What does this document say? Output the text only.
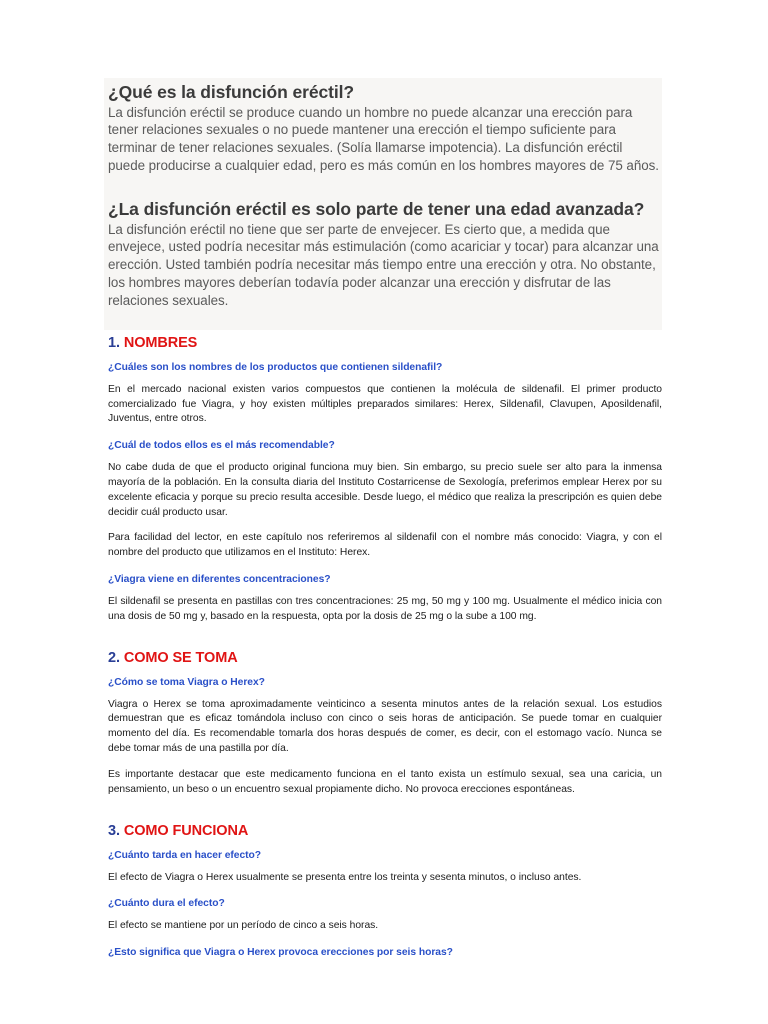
¿Qué es la disfunción eréctil?

La disfunción eréctil se produce cuando un hombre no puede alcanzar una erección para tener relaciones sexuales o no puede mantener una erección el tiempo suficiente para terminar de tener relaciones sexuales. (Solía llamarse impotencia). La disfunción eréctil puede producirse a cualquier edad, pero es más común en los hombres mayores de 75 años.

¿La disfunción eréctil es solo parte de tener una edad avanzada?

La disfunción eréctil no tiene que ser parte de envejecer. Es cierto que, a medida que envejece, usted podría necesitar más estimulación (como acariciar y tocar) para alcanzar una erección. Usted también podría necesitar más tiempo entre una erección y otra. No obstante, los hombres mayores deberían todavía poder alcanzar una erección y disfrutar de las relaciones sexuales.

1. NOMBRES

¿Cuáles son los nombres de los productos que contienen sildenafil?

En el mercado nacional existen varios compuestos que contienen la molécula de sildenafil. El primer producto comercializado fue Viagra, y hoy existen múltiples preparados similares: Herex, Sildenafil, Clavupen, Aposildenafil, Juventus, entre otros.

¿Cuál de todos ellos es el más recomendable?

No cabe duda de que el producto original funciona muy bien. Sin embargo, su precio suele ser alto para la inmensa mayoría de la población. En la consulta diaria del Instituto Costarricense de Sexología, preferimos emplear Herex por su excelente eficacia y porque su precio resulta accesible. Desde luego, el médico que realiza la prescripción es quien debe decidir cuál producto usar.

Para facilidad del lector, en este capítulo nos referiremos al sildenafil con el nombre más conocido: Viagra, y con el nombre del producto que utilizamos en el Instituto: Herex.

¿Viagra viene en diferentes concentraciones?

El sildenafil se presenta en pastillas con tres concentraciones: 25 mg, 50 mg y 100 mg. Usualmente el médico inicia con una dosis de 50 mg y, basado en la respuesta, opta por la dosis de 25 mg o la sube a 100 mg.

2. COMO SE TOMA

¿Cómo se toma Viagra o Herex?

Viagra o Herex se toma aproximadamente veinticinco a sesenta minutos antes de la relación sexual. Los estudios demuestran que es eficaz tomándola incluso con cinco o seis horas de anticipación. Se puede tomar en cualquier momento del día. Es recomendable tomarla dos horas después de comer, es decir, con el estomago vacío. Nunca se debe tomar más de una pastilla por día.

Es importante destacar que este medicamento funciona en el tanto exista un estímulo sexual, sea una caricia, un pensamiento, un beso o un encuentro sexual propiamente dicho. No provoca erecciones espontáneas.

3. COMO FUNCIONA

¿Cuánto tarda en hacer efecto?

El efecto de Viagra o Herex usualmente se presenta entre los treinta y sesenta minutos, o incluso antes.

¿Cuánto dura el efecto?

El efecto se mantiene por un período de cinco a seis horas.

¿Esto significa que Viagra o Herex provoca erecciones por seis horas?
